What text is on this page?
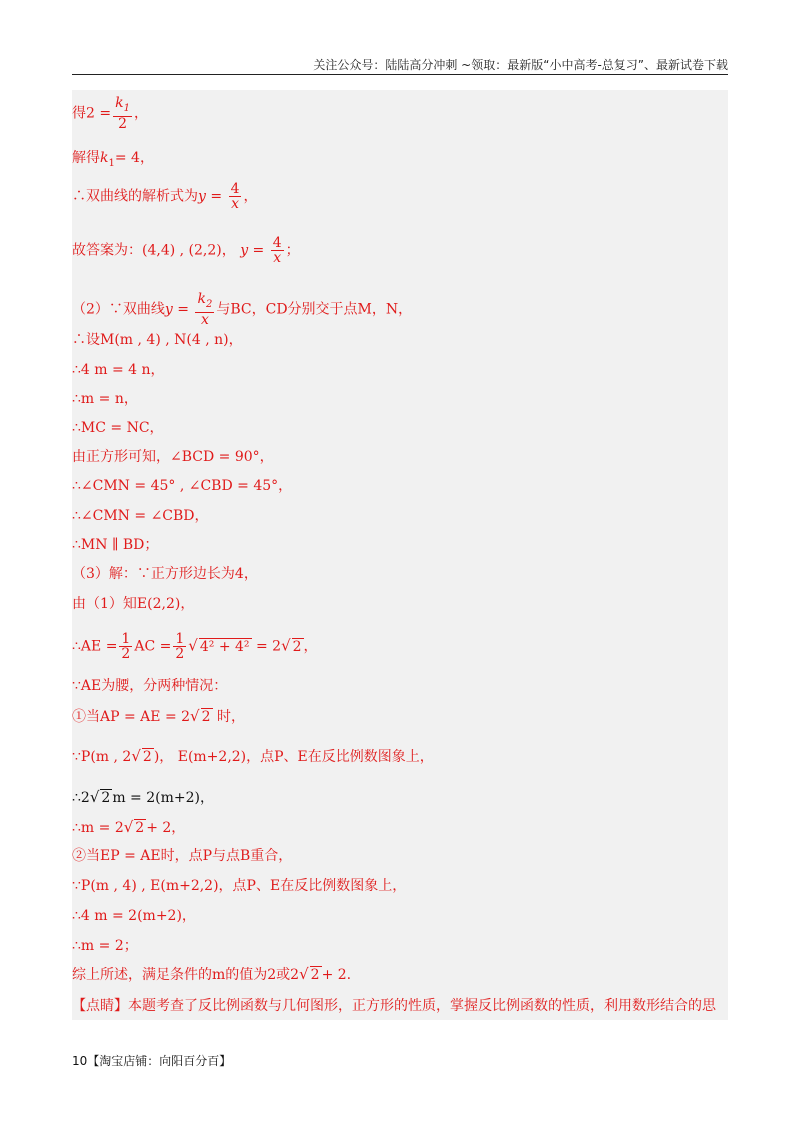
关注公众号：陆陆高分冲刺 ~领取：最新版“小中高考-总复习”、最新试卷下载
得$2 = \frac{k_1}{2}$ ，
解得$k_1= 4$，
∴双曲线的解析式为$y = \frac{4}{x}$ ，
故答案为：(4,4) , (2,2)， $y = \frac{4}{x}$ ；
（2）∵双曲线$y = \frac{k_2}{x}$ 与BC，CD分别交于点M，N，
∴设M(m , 4) , N(4 , n)，
∴4 m = 4 n，
∴m = n，
∴MC = NC，
由正方形可知，∠BCD = 90°，
∴∠CMN = 45° , ∠CBD = 45°，
∴∠CMN = ∠CBD，
∴MN ∥ BD；
（3）解：∵正方形边长为4，
由（1）知E(2,2)，
∴AE = $\frac{1}{2}$ AC = $\frac{1}{2}$ √ 4² + 4² = 2√ 2 ，
∵AE为腰，分两种情况：
①当AP = AE = 2√ 2 时，
∵P(m , 2√ 2 )， E(m+2,2)，点P、E在反比例数图象上，
∴2√ 2 m = 2(m+2)，
∴m = 2√ 2 + 2，
②当EP = AE时，点P与点B重合，
∵P(m , 4) , E(m+2,2)，点P、E在反比例数图象上，
∴4 m = 2(m+2)，
∴m = 2；
综上所述，满足条件的m的值为2或2√ 2 + 2.
【点睛】本题考查了反比例函数与几何图形，正方形的性质，掌握反比例函数的性质，利用数形结合的思
10【淘宝店铺：向阳百分百】
